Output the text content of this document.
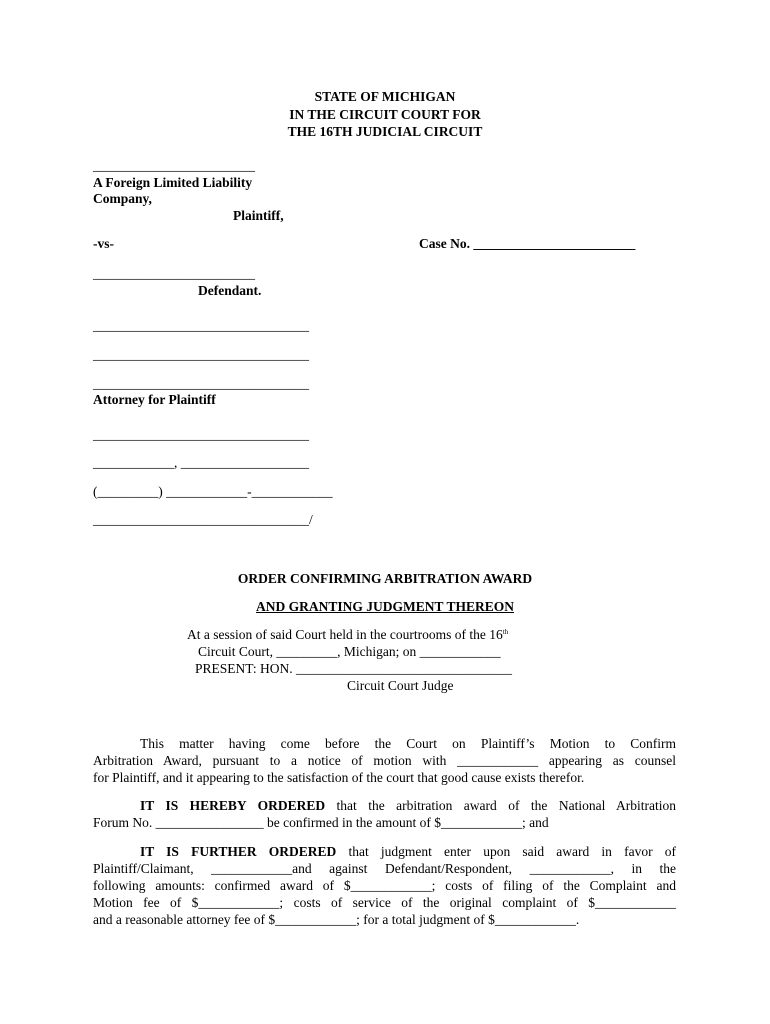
STATE OF MICHIGAN
IN THE CIRCUIT COURT FOR
THE 16TH JUDICIAL CIRCUIT
________________________
A Foreign Limited Liability
Company,
Plaintiff,
-vs-	Case No. ________________________
________________________
Defendant.
________________________________
________________________________
________________________________
Attorney for Plaintiff
________________________________
____________, ___________________
(_________) ____________-____________
________________________________/
ORDER CONFIRMING ARBITRATION AWARD
AND GRANTING JUDGMENT THEREON
At a session of said Court held in the courtrooms of the 16th
Circuit Court, _________, Michigan; on ____________
PRESENT: HON. ________________________________
Circuit Court Judge
This matter having come before the Court on Plaintiff’s Motion to Confirm
Arbitration Award, pursuant to a notice of motion with ____________ appearing as counsel
for Plaintiff, and it appearing to the satisfaction of the court that good cause exists therefor.
IT IS HEREBY ORDERED that the arbitration award of the National Arbitration
Forum No. ________________ be confirmed in the amount of $____________; and
IT IS FURTHER ORDERED that judgment enter upon said award in favor of
Plaintiff/Claimant, ____________and against Defendant/Respondent, ____________, in the
following amounts: confirmed award of $____________; costs of filing of the Complaint and
Motion fee of $____________; costs of service of the original complaint of $____________
and a reasonable attorney fee of $____________; for a total judgment of $____________.
